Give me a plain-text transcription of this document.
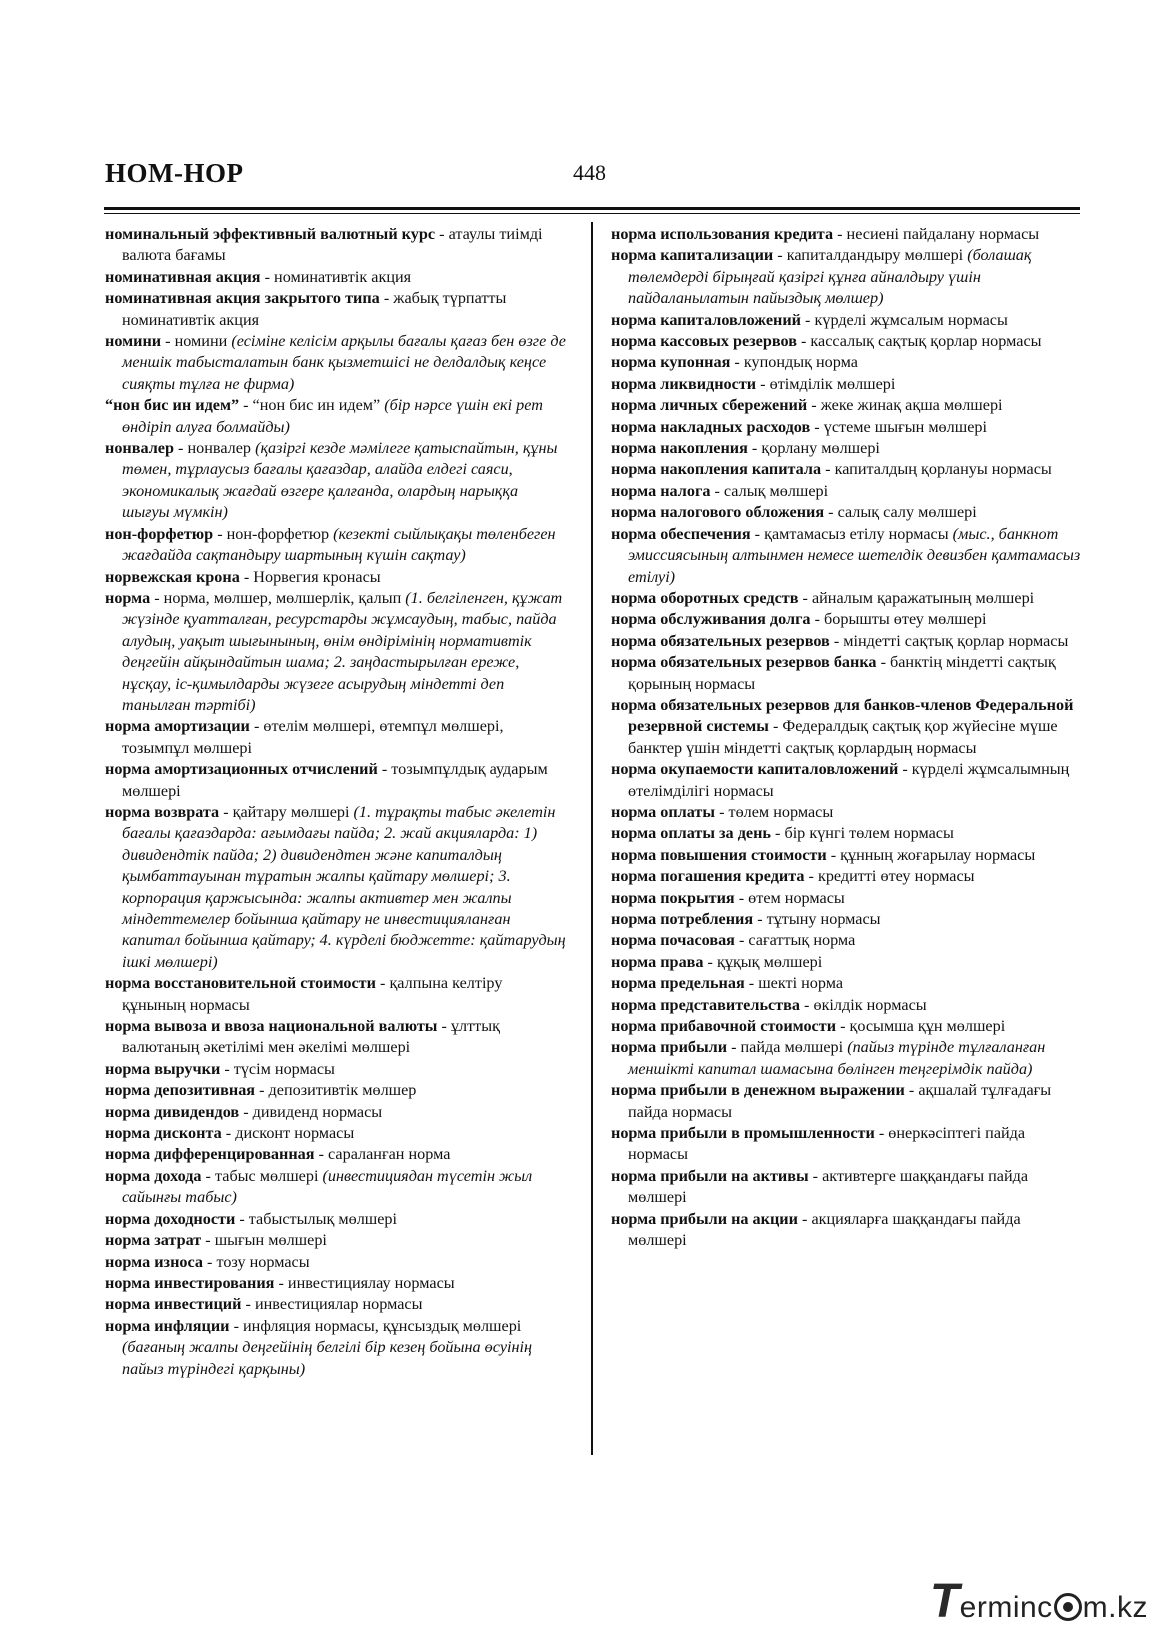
НОМ-НОР	448
номинальный эффективный валютный курс - атаулы тиімді валюта бағамы
номинативная акция - номинативтік акция
номинативная акция закрытого типа - жабық түрпатты номинативтік акция
номини - номини (есіміне келісім арқылы бағалы қағаз бен өзге де меншік табысталатын банк қызметшісі не делдалдық кеңсе сияқты тұлға не фирма)
“нон бис ин идем” - “нон бис ин идем” (бір нәрсе үшін екі рет өндіріп алуға болмайды)
нонвалер - нонвалер (қазіргі кезде мәмілеге қатыспайтын, құны төмен, тұрлаусыз бағалы қағаздар, алайда елдегі саяси, экономикалық жағдай өзгере қалғанда, олардың нарыққа шығуы мүмкін)
нон-форфетюр - нон-форфетюр (кезекті сыйлықақы төленбеген жағдайда сақтандыру шартының күшін сақтау)
норвежская крона - Норвегия кронасы
норма - норма, мөлшер, мөлшерлік, қалып (1. белгіленген, құжат жүзінде қуатталған, ресурстарды жұмсаудың, табыс, пайда алудың, уақыт шығынының, өнім өндірімінің нормативтік деңгейін айқындайтын шама; 2. заңдастырылған ереже, нұсқау, іс-қимылдарды жүзеге асырудың міндетті деп танылған тәртібі)
норма амортизации - өтелім мөлшері, өтемпұл мөлшері, тозымпұл мөлшері
норма амортизационных отчислений - тозымпұлдық аударым мөлшері
норма возврата - қайтару мөлшері (1. тұрақты табыс әкелетін бағалы қағаздарда: ағымдағы пайда; 2. жай акцияларда: 1) дивидендтік пайда; 2) дивидендтен және капиталдың қымбаттауынан тұратын жалпы қайтару мөлшері; 3. корпорация қаржысында: жалпы активтер мен жалпы міндеттемелер бойынша қайтару не инвестицияланған капитал бойынша қайтару; 4. күрделі бюджетте: қайтарудың ішкі мөлшері)
норма восстановительной стоимости - қалпына келтіру құнының нормасы
норма вывоза и ввоза национальной валюты - ұлттық валютаның әкетілімі мен әкелімі мөлшері
норма выручки - түсім нормасы
норма депозитивная - депозитивтік мөлшер
норма дивидендов - дивиденд нормасы
норма дисконта - дисконт нормасы
норма дифференцированная - сараланған норма
норма дохода - табыс мөлшері (инвестициядан түсетін жыл сайынғы табыс)
норма доходности - табыстылық мөлшері
норма затрат - шығын мөлшері
норма износа - тозу нормасы
норма инвестирования - инвестициялау нормасы
норма инвестиций - инвестициялар нормасы
норма инфляции - инфляция нормасы, құнсыздық мөлшері (бағаның жалпы деңгейінің белгілі бір кезең бойына өсуінің пайыз түріндегі қарқыны)
норма использования кредита - несиені пайдалану нормасы
норма капитализации - капиталдандыру мөлшері (болашақ төлемдерді бірыңғай қазіргі құнға айналдыру үшін пайдаланылатын пайыздық мөлшер)
норма капиталовложений - күрделі жұмсалым нормасы
норма кассовых резервов - кассалық сақтық қорлар нормасы
норма купонная - купондық норма
норма ликвидности - өтімділік мөлшері
норма личных сбережений - жеке жинақ ақша мөлшері
норма накладных расходов - үстеме шығын мөлшері
норма накопления - қорлану мөлшері
норма накопления капитала - капиталдың қорлануы нормасы
норма налога - салық мөлшері
норма налогового обложения - салық салу мөлшері
норма обеспечения - қамтамасыз етілу нормасы (мыс., банкнот эмиссиясының алтынмен немесе шетелдік девизбен қамтамасыз етілуі)
норма оборотных средств - айналым қаражатының мөлшері
норма обслуживания долга - борышты өтеу мөлшері
норма обязательных резервов - міндетті сақтық қорлар нормасы
норма обязательных резервов банка - банктің міндетті сақтық қорының нормасы
норма обязательных резервов для банков-членов Федеральной резервной системы - Федералдық сақтық қор жүйесіне мүше банктер үшін міндетті сақтық қорлардың нормасы
норма окупаемости капиталовложений - күрделі жұмсалымның өтелімділігі нормасы
норма оплаты - төлем нормасы
норма оплаты за день - бір күнгі төлем нормасы
норма повышения стоимости - құнның жоғарылау нормасы
норма погашения кредита - кредитті өтеу нормасы
норма покрытия - өтем нормасы
норма потребления - тұтыну нормасы
норма почасовая - сағаттық норма
норма права - құқық мөлшері
норма предельная - шекті норма
норма представительства - өкілдік нормасы
норма прибавочной стоимости - қосымша құн мөлшері
норма прибыли - пайда мөлшері (пайыз түрінде тұлғаланған меншікті капитал шамасына бөлінген теңгерімдік пайда)
норма прибыли в денежном выражении - ақшалай тұлғадағы пайда нормасы
норма прибыли в промышленности - өнеркәсіптегі пайда нормасы
норма прибыли на активы - активтерге шаққандағы пайда мөлшері
норма прибыли на акции - акцияларға шаққандағы пайда мөлшері
Terminc m.kz
